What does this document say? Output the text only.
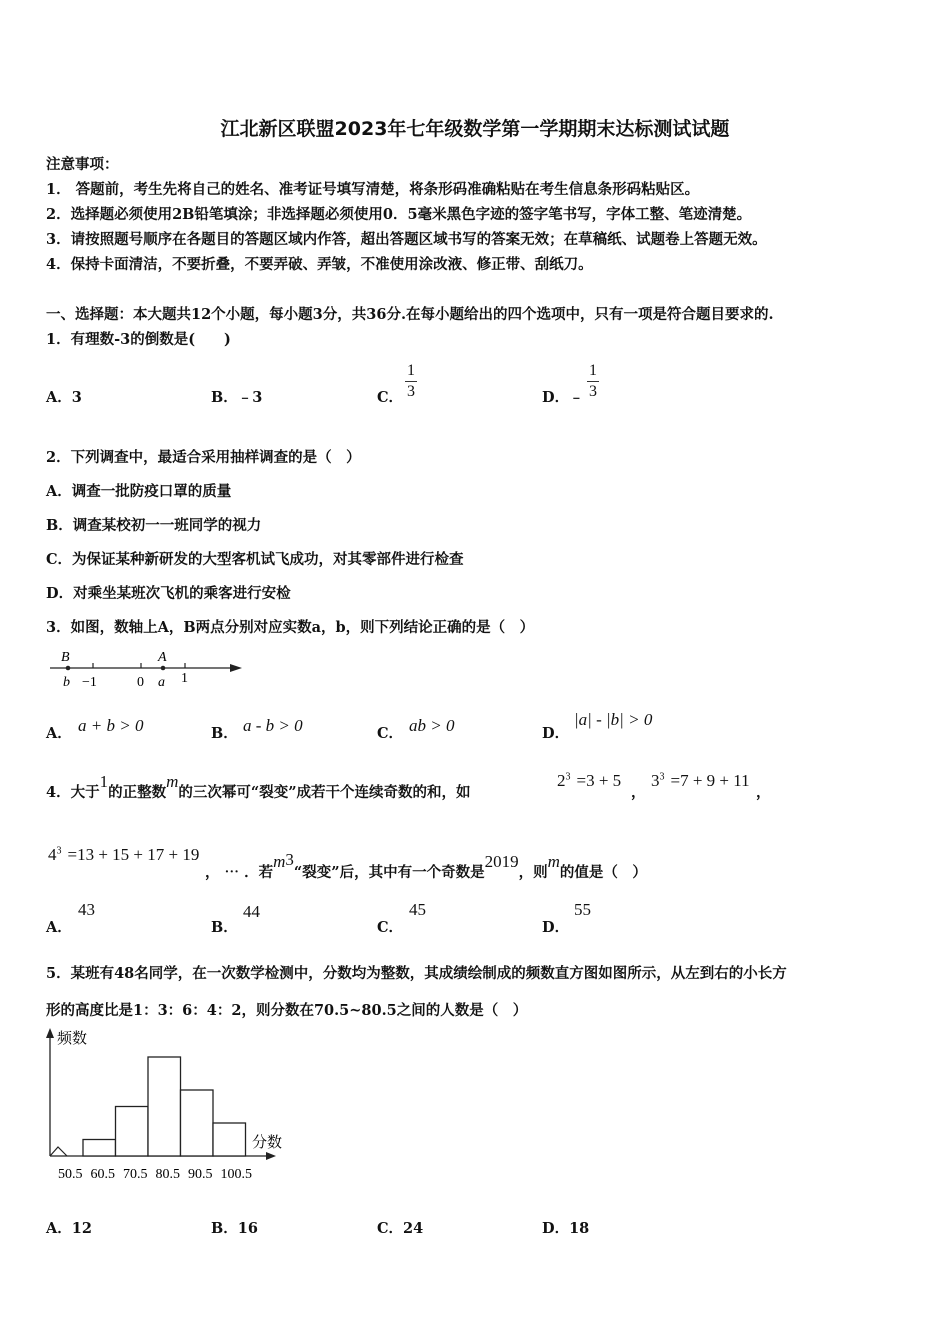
江北新区联盟2023年七年级数学第一学期期末达标测试试题
注意事项：
1． 答题前，考生先将自己的姓名、准考证号填写清楚，将条形码准确粘贴在考生信息条形码粘贴区。
2．选择题必须使用2B铅笔填涂；非选择题必须使用0．5毫米黑色字迹的签字笔书写，字体工整、笔迹清楚。
3．请按照题号顺序在各题目的答题区域内作答，超出答题区域书写的答案无效；在草稿纸、试题卷上答题无效。
4．保持卡面清洁，不要折叠，不要弄破、弄皱，不准使用涂改液、修正带、刮纸刀。
一、选择题：本大题共12个小题，每小题3分，共36分.在每小题给出的四个选项中，只有一项是符合题目要求的.
1．有理数-3的倒数是(　　)
A．3	B．﹣3	C． $\frac{1}{3}$	D．﹣ $\frac{1}{3}$
2．下列调查中，最适合采用抽样调查的是（　）
A．调查一批防疫口罩的质量
B．调查某校初一一班同学的视力
C．为保证某种新研发的大型客机试飞成功，对其零部件进行检查
D．对乘坐某班次飞机的乘客进行安检
3．如图，数轴上A，B两点分别对应实数a，b，则下列结论正确的是（　）
B
b −1	0
A
a 1
A． a + b > 0	B． a - b > 0	C． ab > 0	D．
|a| - |b| > 0
4．大于1的正整数m的三次幂可“裂变”成若干个连续奇数的和，如
$2^3 =3 + 5$
，
$3^3 =7 + 9 + 11$
，
$4^3 =13 + 15 + 17 + 19$
， ⋯ ．若$m^3“$裂变”后，其中有一个奇数是2019，则m的值是（　）
A．
43
B．
44
C．
45
D．
55
5．某班有48名同学，在一次数学检测中，分数均为整数，其成绩绘制成的频数直方图如图所示，从左到右的小长方
形的高度比是1：3：6：4：2，则分数在70.5~80.5之间的人数是（　）
频数
分数
50.5 60.5 70.5 80.5 90.5 100.5
A．12	B．16	C．24	D．18
